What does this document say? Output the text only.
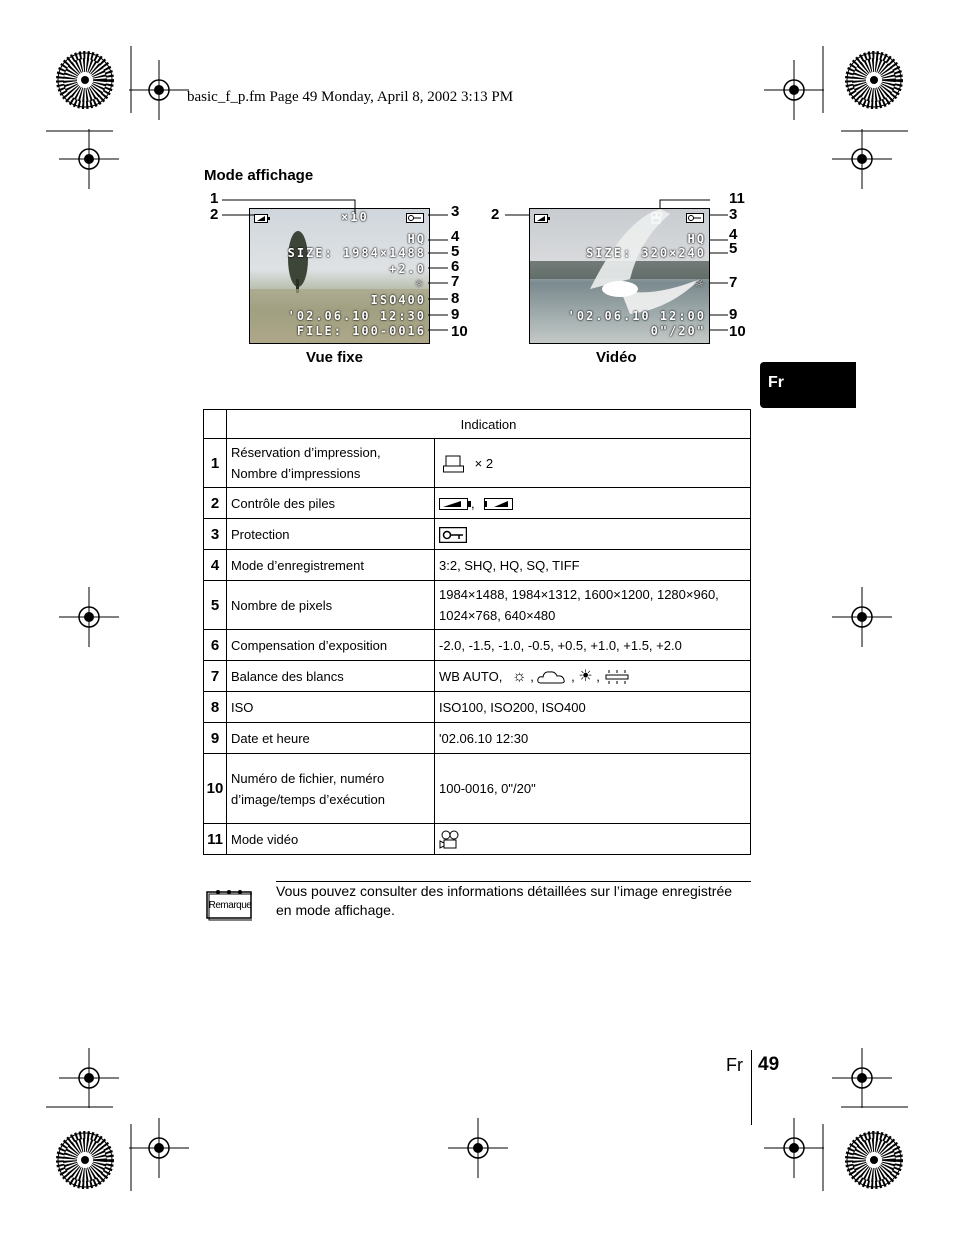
basic_f_p.fm Page 49 Monday, April 8, 2002 3:13 PM
Mode affichage
×10
HQ
SIZE: 1984×1488
+2.0
☼
ISO400
'02.06.10 12:30
FILE: 100-0016
1
2	3
4
5
6
7
8
9
10
Vue fixe
HQ
SIZE: 320×240
☼
'02.06.10 12:00
0"/20"
2
11
3
4
5
7
9
10
Vidéo
Fr
	Indication	
1	Réservation d’impression, Nombre d’impressions	× 2
2	Contrôle des piles	,
3	Protection	
4	Mode d’enregistrement	3:2, SHQ, HQ, SQ, TIFF
5	Nombre de pixels	1984×1488, 1984×1312, 1600×1200, 1280×960, 1024×768, 640×480
6	Compensation d’exposition	-2.0, -1.5, -1.0, -0.5, +0.5, +1.0, +1.5, +2.0
7	Balance des blancs	WB AUTO, ☼ ,  , ☀ ,
8	ISO	ISO100, ISO200, ISO400
9	Date et heure	'02.06.10 12:30
10	Numéro de fichier, numéro d’image/temps d’exécution	100-0016, 0"/20"
11	Mode vidéo	
Remarque
Vous pouvez consulter des informations détaillées sur l’image enregistrée en mode affichage.
Fr 49
